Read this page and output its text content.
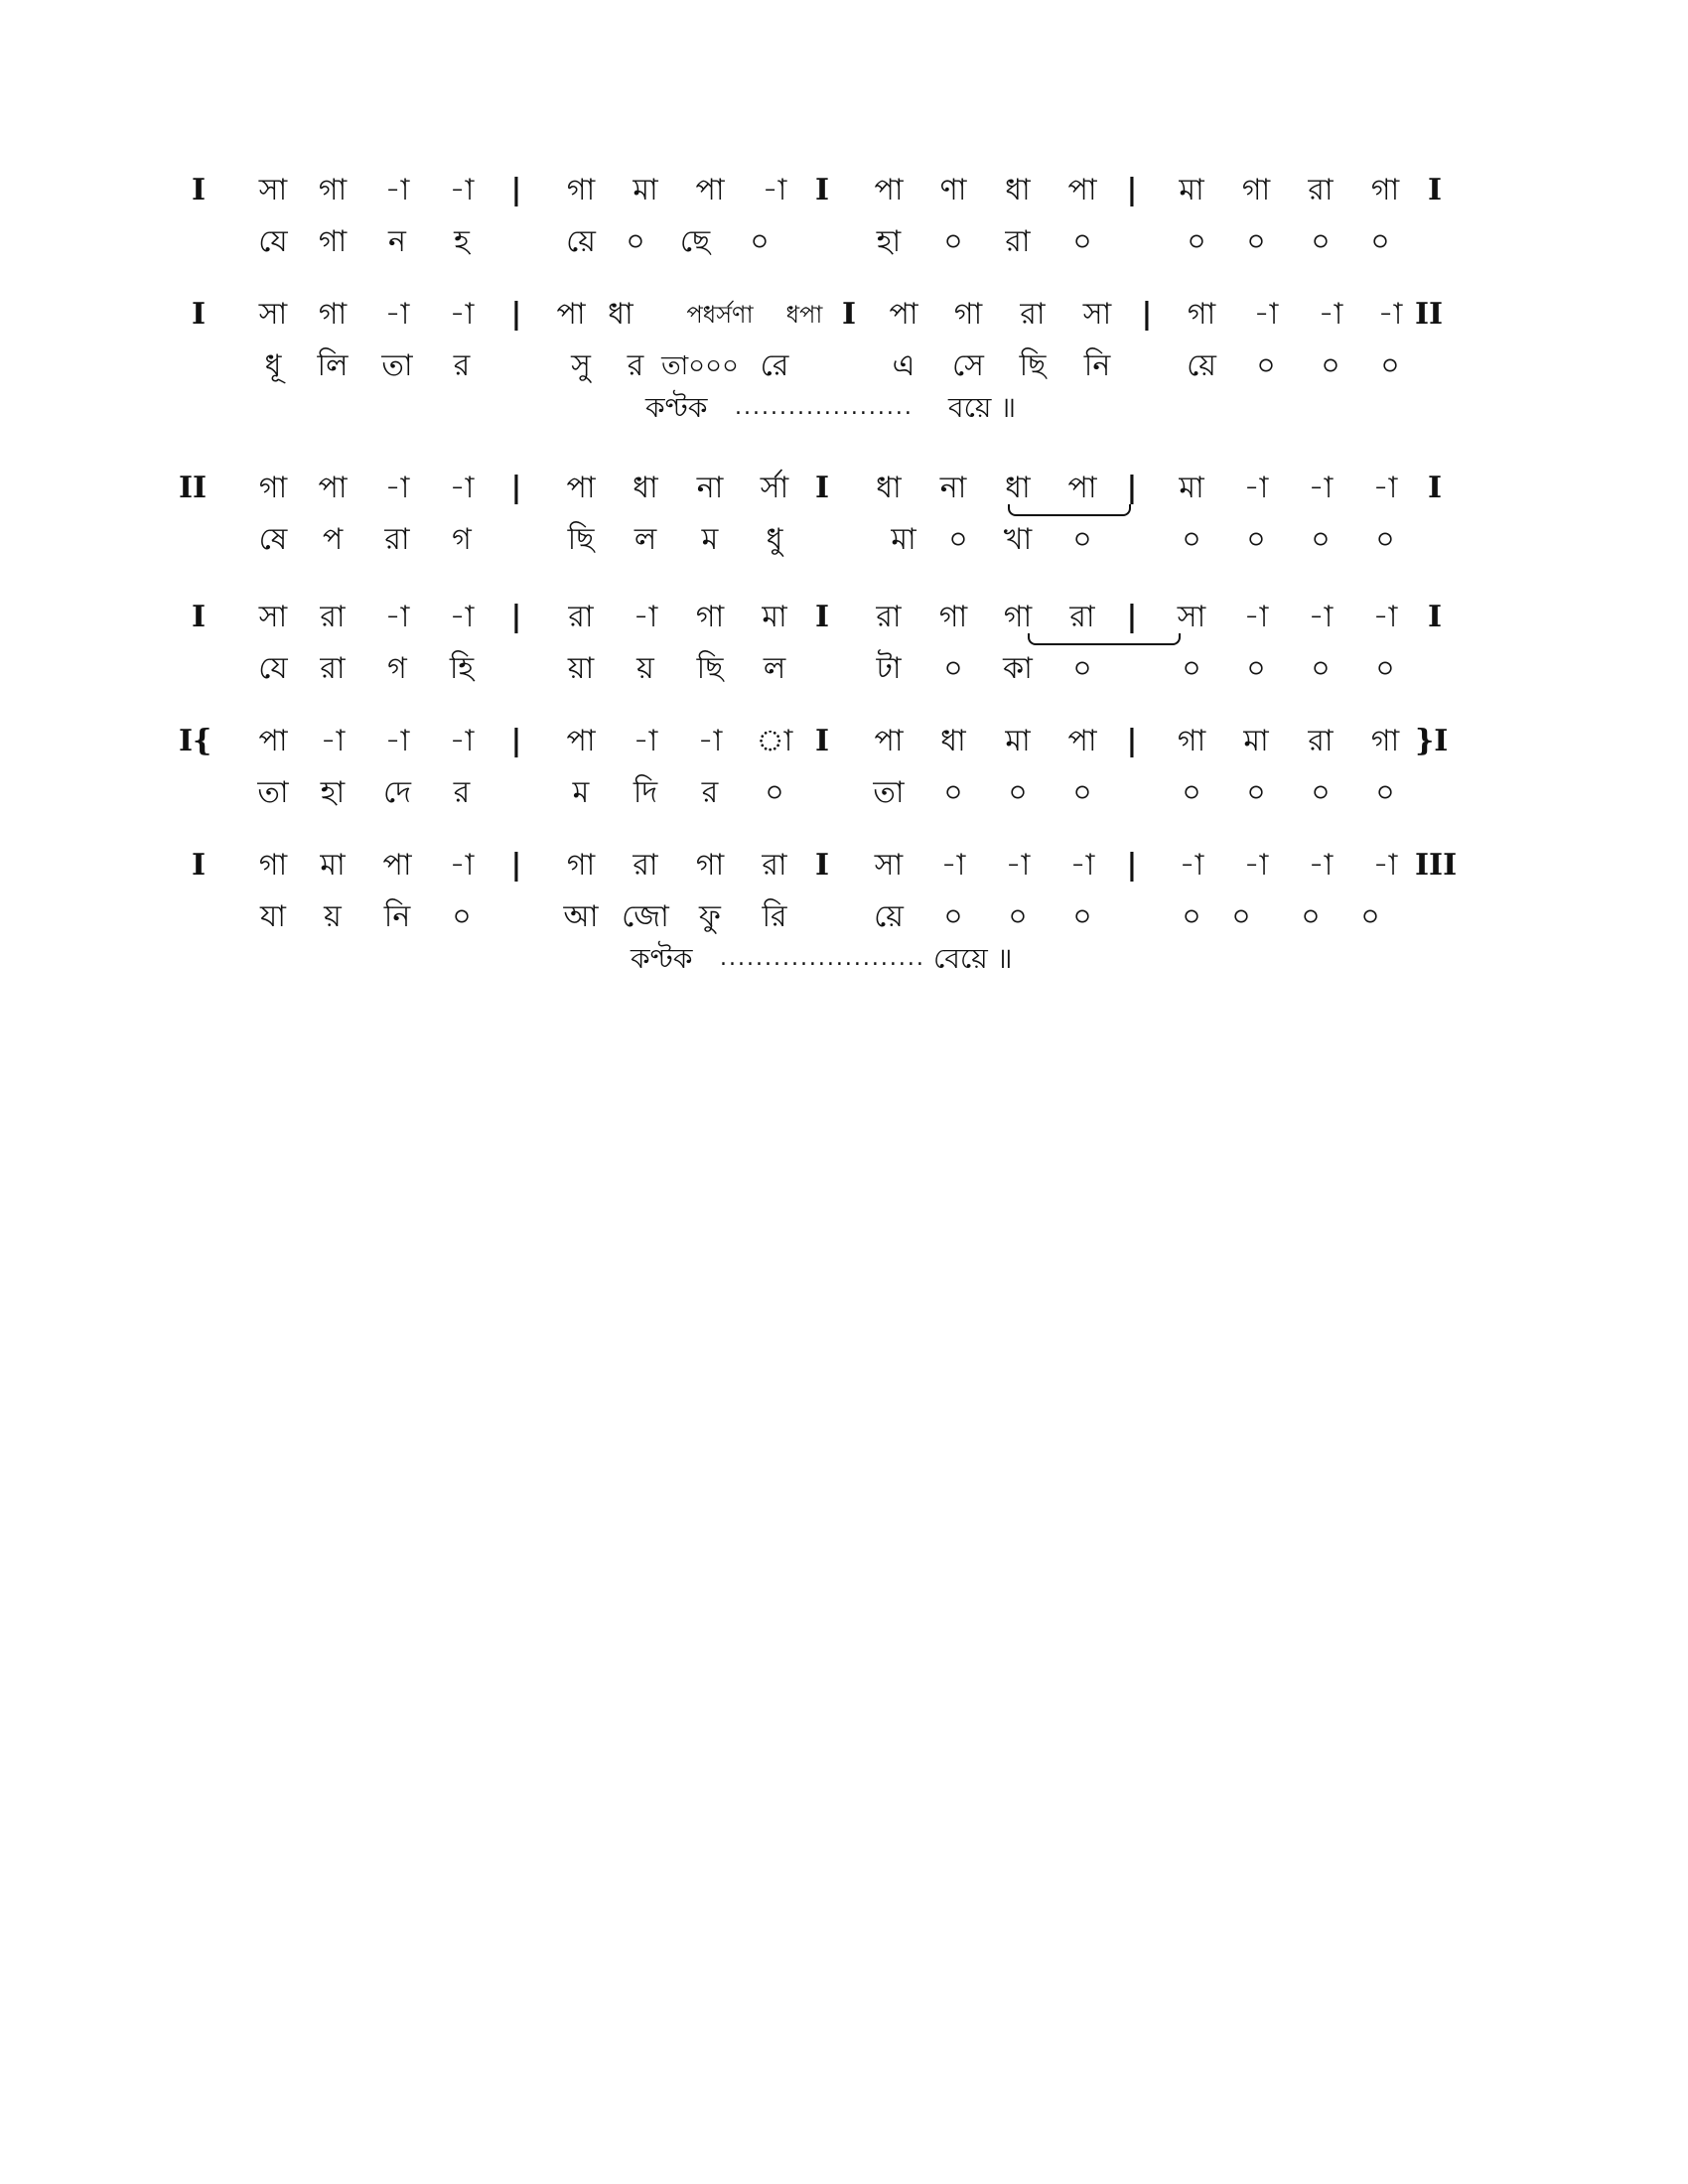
I	সা	গা	-া	-া	|	গা	মা	পা	-া I	পা	ণা	ধা	পা	|	মা	গা	রা	গা I
যে	গা	ন	হ	য়ে	০	ছে	০	হা	০	রা	০	০	০	০	০
I	সা	গা	-া	-া	|	পা ধা	পধর্সণা	ধপা I	পা	গা	রা	সা	|	গা	-া	-া	-া II
ধূ	লি	তা	র	সু	র তা০০০ রে	এ	সে	ছি	নি	য়ে	০	০	০
কণ্টক .................... বয়ে ॥
II	গা	পা	-া	-া	|	পা	ধা	না	র্সা I	ধা	না	ধা	পা	|	মা	-া	-া	-া	I
ষে	প	রা	গ	ছি	ল	ম	ধু	মা	০	খা	০	০	০	০	০
I	সা	রা	-া	-া	|	রা	-া	গা	মা I	রা	গা	গা	রা	|	সা	-া	-া	-া	I
যে	রা	গ	হি	য়া	য়	ছি	ল	টা	০	কা	০	০	০	০	০
I{	পা	-া	-া	-া	|	পা	-া	-া	া I	পা	ধা	মা	পা	|	গা	মা	রা	গা }I
তা	হা	দে	র	ম	দি	র	০	তা	০	০	০	০	০	০	০
I	গা	মা	পা	-া	|	গা	রা	গা	রা I	সা	-া	-া	-া	|	-া	-া	-া	-া III
যা	য়	নি	০	আ জো	ফু	রি	য়ে	০	০	০	০	০	০	০
কণ্টক ....................... বেয়ে ॥
